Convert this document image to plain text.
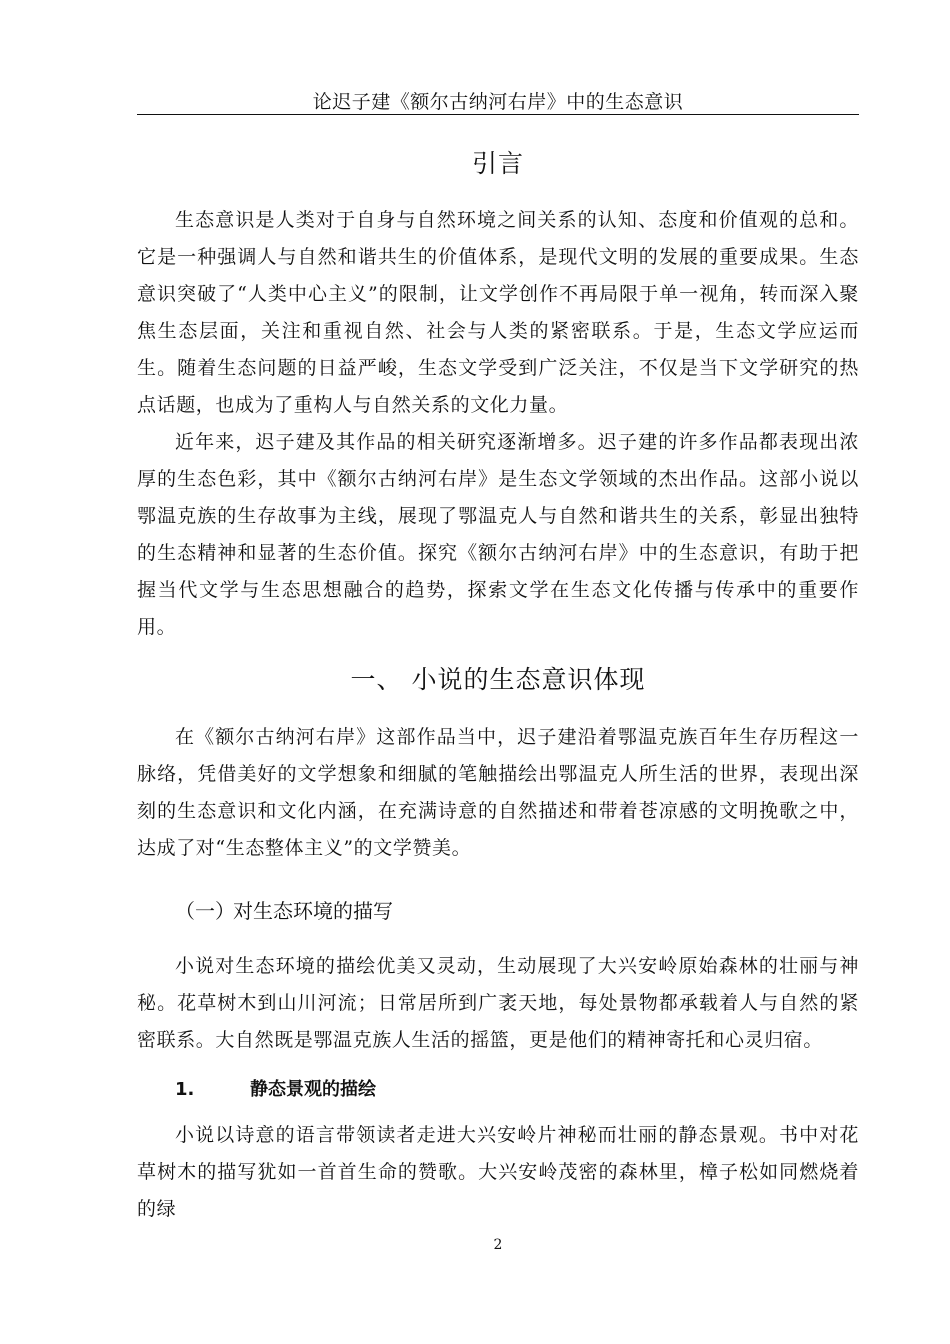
论迟子建《额尔古纳河右岸》中的生态意识
引言

生态意识是人类对于自身与自然环境之间关系的认知、态度和价值观的总和。它是一种强调人与自然和谐共生的价值体系，是现代文明的发展的重要成果。生态意识突破了“人类中心主义”的限制，让文学创作不再局限于单一视角，转而深入聚焦生态层面，关注和重视自然、社会与人类的紧密联系。于是，生态文学应运而生。随着生态问题的日益严峻，生态文学受到广泛关注，不仅是当下文学研究的热点话题，也成为了重构人与自然关系的文化力量。

近年来，迟子建及其作品的相关研究逐渐增多。迟子建的许多作品都表现出浓厚的生态色彩，其中《额尔古纳河右岸》是生态文学领域的杰出作品。这部小说以鄂温克族的生存故事为主线，展现了鄂温克人与自然和谐共生的关系，彰显出独特的生态精神和显著的生态价值。探究《额尔古纳河右岸》中的生态意识，有助于把握当代文学与生态思想融合的趋势，探索文学在生态文化传播与传承中的重要作用。

一、 小说的生态意识体现

在《额尔古纳河右岸》这部作品当中，迟子建沿着鄂温克族百年生存历程这一脉络，凭借美好的文学想象和细腻的笔触描绘出鄂温克人所生活的世界，表现出深刻的生态意识和文化内涵，在充满诗意的自然描述和带着苍凉感的文明挽歌之中，达成了对“生态整体主义”的文学赞美。

（一）对生态环境的描写

小说对生态环境的描绘优美又灵动，生动展现了大兴安岭原始森林的壮丽与神秘。花草树木到山川河流；日常居所到广袤天地，每处景物都承载着人与自然的紧密联系。大自然既是鄂温克族人生活的摇篮，更是他们的精神寄托和心灵归宿。

1.	静态景观的描绘

小说以诗意的语言带领读者走进大兴安岭片神秘而壮丽的静态景观。书中对花草树木的描写犹如一首首生命的赞歌。大兴安岭茂密的森林里，樟子松如同燃烧着的绿

2
